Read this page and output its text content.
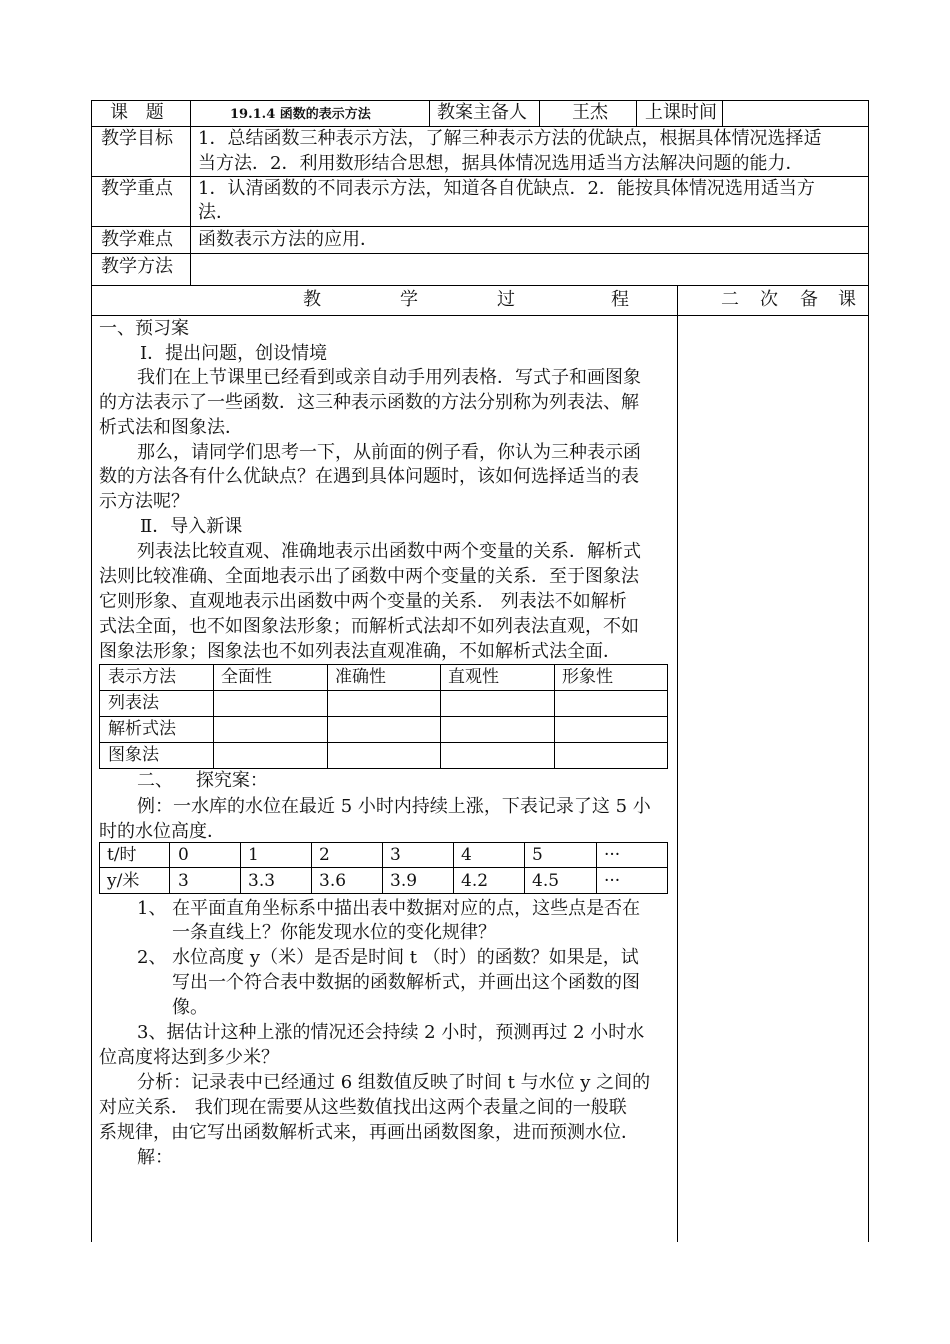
课 题	19.1.4 函数的表示方法	教案主备人	王杰 上课时间
教学目标 1．总结函数三种表示方法，了解三种表示方法的优缺点，根据具体情况选择适
当方法．2．利用数形结合思想，据具体情况选用适当方法解决问题的能力．
教学重点 1．认清函数的不同表示方法，知道各自优缺点．2．能按具体情况选用适当方
法．
教学难点 函数表示方法的应用．
教学方法
教	学	过	程	二 次 备 课
一、预习案
Ⅰ．提出问题，创设情境
我们在上节课里已经看到或亲自动手用列表格．写式子和画图象
的方法表示了一些函数．这三种表示函数的方法分别称为列表法、解
析式法和图象法．
那么，请同学们思考一下，从前面的例子看，你认为三种表示函
数的方法各有什么优缺点？在遇到具体问题时，该如何选择适当的表
示方法呢？
Ⅱ．导入新课
列表法比较直观、准确地表示出函数中两个变量的关系．解析式
法则比较准确、全面地表示出了函数中两个变量的关系．至于图象法
它则形象、直观地表示出函数中两个变量的关系． 列表法不如解析
式法全面，也不如图象法形象；而解析式法却不如列表法直观，不如
图象法形象；图象法也不如列表法直观准确，不如解析式法全面．
表示方法	全面性	准确性	直观性	形象性
列表法
解析式法
图象法
二、    探究案：
例：一水库的水位在最近 5 小时内持续上涨，下表记录了这 5 小
时的水位高度．
t/时 0	1	2	3	4	5	···
y/米 3	3.3	3.6	3.9	4.2	4.5	···
1、 在平面直角坐标系中描出表中数据对应的点，这些点是否在
一条直线上？你能发现水位的变化规律？
2、 水位高度 y（米）是否是时间 t （时）的函数？如果是，试
写出一个符合表中数据的函数解析式，并画出这个函数的图
像。
3、据估计这种上涨的情况还会持续 2 小时，预测再过 2 小时水
位高度将达到多少米？
分析：记录表中已经通过 6 组数值反映了时间 t 与水位 y 之间的
对应关系． 我们现在需要从这些数值找出这两个表量之间的一般联
系规律，由它写出函数解析式来，再画出函数图象，进而预测水位．
解：
